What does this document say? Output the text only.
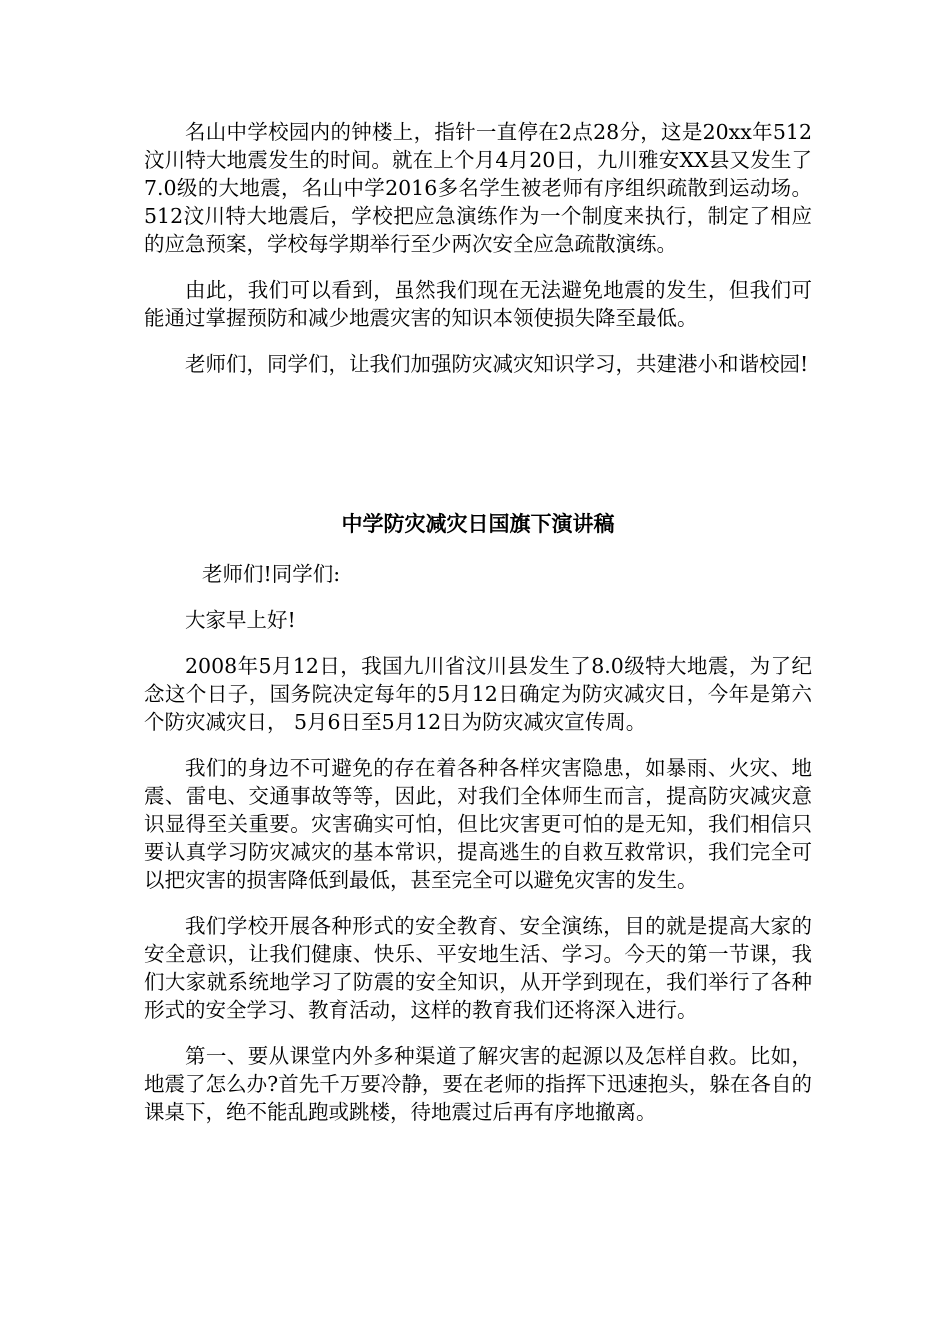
名山中学校园内的钟楼上，指针一直停在2点28分，这是20xx年512汶川特大地震发生的时间。就在上个月4月20日，九川雅安XX县又发生了7.0级的大地震，名山中学2016多名学生被老师有序组织疏散到运动场。512汶川特大地震后，学校把应急演练作为一个制度来执行，制定了相应的应急预案，学校每学期举行至少两次安全应急疏散演练。

由此，我们可以看到，虽然我们现在无法避免地震的发生，但我们可能通过掌握预防和减少地震灾害的知识本领使损失降至最低。

老师们，同学们，让我们加强防灾减灾知识学习，共建港小和谐校园!

中学防灾减灾日国旗下演讲稿

老师们!同学们:

大家早上好!

2008年5月12日，我国九川省汶川县发生了8.0级特大地震，为了纪念这个日子，国务院决定每年的5月12日确定为防灾减灾日，今年是第六个防灾减灾日， 5月6日至5月12日为防灾减灾宣传周。

我们的身边不可避免的存在着各种各样灾害隐患，如暴雨、火灾、地震、雷电、交通事故等等，因此，对我们全体师生而言，提高防灾减灾意识显得至关重要。灾害确实可怕，但比灾害更可怕的是无知，我们相信只要认真学习防灾减灾的基本常识，提高逃生的自救互救常识，我们完全可以把灾害的损害降低到最低，甚至完全可以避免灾害的发生。

我们学校开展各种形式的安全教育、安全演练，目的就是提高大家的安全意识，让我们健康、快乐、平安地生活、学习。今天的第一节课，我们大家就系统地学习了防震的安全知识，从开学到现在，我们举行了各种形式的安全学习、教育活动，这样的教育我们还将深入进行。

第一、要从课堂内外多种渠道了解灾害的起源以及怎样自救。比如，地震了怎么办?首先千万要冷静，要在老师的指挥下迅速抱头，躲在各自的课桌下，绝不能乱跑或跳楼，待地震过后再有序地撤离。
